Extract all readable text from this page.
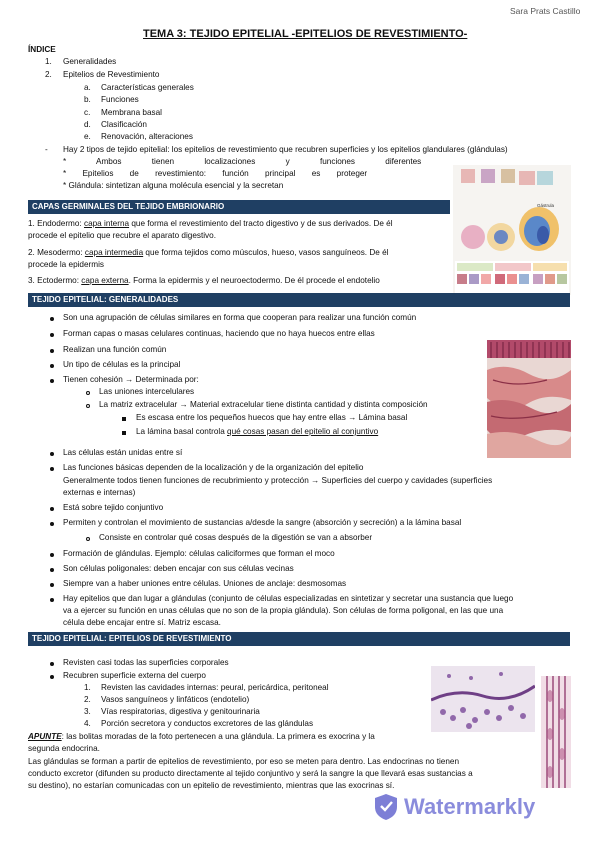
Sara Prats Castillo
TEMA 3: TEJIDO EPITELIAL -EPITELIOS DE REVESTIMIENTO-
ÍNDICE
1. Generalidades
2. Epitelios de Revestimiento
a. Características generales
b. Funciones
c. Membrana basal
d. Clasificación
e. Renovación, alteraciones
- Hay 2 tipos de tejido epitelial: los epitelios de revestimiento que recubren superficies y los epitelios glandulares (glándulas)
* Ambos tienen localizaciones y funciones diferentes
* Epitelios de revestimiento: función principal es proteger
* Glándula: sintetizan alguna molécula esencial y la secretan
CAPAS GERMINALES DEL TEJIDO EMBRIONARIO
1. Endodermo: capa interna que forma el revestimiento del tracto digestivo y de sus derivados. De él
procede el epitelio que recubre el aparato digestivo.
2. Mesodermo: capa intermedia que forma tejidos como músculos, hueso, vasos sanguíneos. De él
procede la epidermis
3. Ectodermo: capa externa. Forma la epidermis y el neuroectodermo. De él procede el endotelio
Gástrula
TEJIDO EPITELIAL: GENERALIDADES
Son una agrupación de células similares en forma que cooperan para realizar una función común
Forman capas o masas celulares continuas, haciendo que no haya huecos entre ellas
Realizan una función común
Un tipo de células es la principal
Tienen cohesión → Determinada por:
Las uniones intercelulares
La matriz extracelular → Material extracelular tiene distinta cantidad y distinta composición
Es escasa entre los pequeños huecos que hay entre ellas → Lámina basal
La lámina basal controla qué cosas pasan del epitelio al conjuntivo
Las células están unidas entre sí
Las funciones básicas dependen de la localización y de la organización del epitelio
Generalmente todos tienen funciones de recubrimiento y protección → Superficies del cuerpo y cavidades (superficies
externas e internas)
Está sobre tejido conjuntivo
Permiten y controlan el movimiento de sustancias a/desde la sangre (absorción y secreción) a la lámina basal
Consiste en controlar qué cosas después de la digestión se van a absorber
Formación de glándulas. Ejemplo: células caliciformes que forman el moco
Son células poligonales: deben encajar con sus células vecinas
Siempre van a haber uniones entre células. Uniones de anclaje: desmosomas
Hay epitelios que dan lugar a glándulas (conjunto de células especializadas en sintetizar y secretar una sustancia que luego
va a ejercer su función en unas células que no son de la propia glándula). Son células de forma poligonal, en las que una
célula debe encajar entre sí. Matriz escasa.
TEJIDO EPITELIAL: EPITELIOS DE REVESTIMIENTO
Revisten casi todas las superficies corporales
Recubren superficie externa del cuerpo
1. Revisten las cavidades internas: peural, pericárdica, peritoneal
2. Vasos sanguíneos y linfáticos (endotelio)
3. Vías respiratorias, digestiva y genitourinaria
4. Porción secretora y conductos excretores de las glándulas
APUNTE: las bolitas moradas de la foto pertenecen a una glándula. La primera es exocrina y la
segunda endocrina.
Las glándulas se forman a partir de epitelios de revestimiento, por eso se meten para dentro. Las endocrinas no tienen
conducto excretor (difunden su producto directamente al tejido conjuntivo y será la sangre la que llevará esas sustancias a
su destino), no estarían comunicadas con un epitelio de revestimiento, mientras que las exocrinas sí.
Watermarkly
